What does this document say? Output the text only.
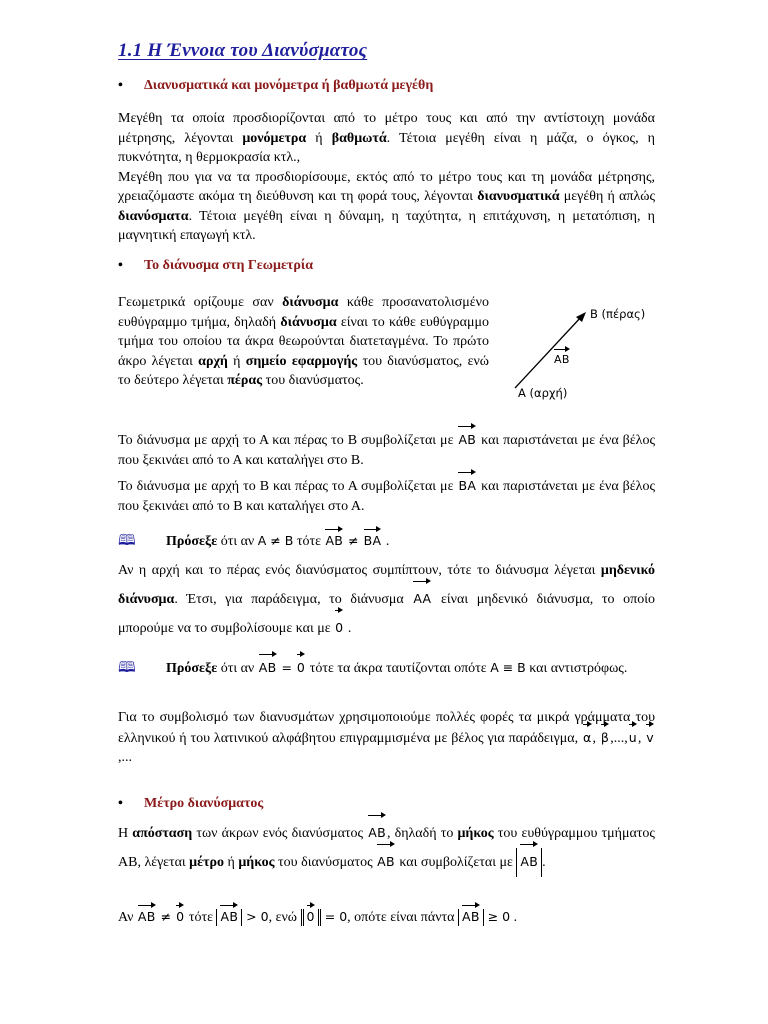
1.1 Η Έννοια του Διανύσματος
• Διανυσματικά και μονόμετρα ή βαθμωτά μεγέθη
Μεγέθη τα οποία προσδιορίζονται από το μέτρο τους και από την αντίστοιχη μονάδα μέτρησης, λέγονται μονόμετρα ή βαθμωτά. Τέτοια μεγέθη είναι η μάζα, ο όγκος, η πυκνότητα, η θερμοκρασία κτλ.,
Μεγέθη που για να τα προσδιορίσουμε, εκτός από το μέτρο τους και τη μονάδα μέτρησης, χρειαζόμαστε ακόμα τη διεύθυνση και τη φορά τους, λέγονται διανυσματικά μεγέθη ή απλώς διανύσματα. Τέτοια μεγέθη είναι η δύναμη, η ταχύτητα, η επιτάχυνση, η μετατόπιση, η μαγνητική επαγωγή κτλ.
• Το διάνυσμα στη Γεωμετρία
Γεωμετρικά ορίζουμε σαν διάνυσμα κάθε προσανατολισμένο ευθύγραμμο τμήμα, δηλαδή διάνυσμα είναι το κάθε ευθύγραμμο τμήμα του οποίου τα άκρα θεωρούνται διατεταγμένα. Το πρώτο άκρο λέγεται αρχή ή σημείο εφαρμογής του διανύσματος, ενώ το δεύτερο λέγεται πέρας του διανύσματος.
Β (πέρας)
Α (αρχή)
AB
Το διάνυσμα με αρχή το Α και πέρας το Β συμβολίζεται με AB και παριστάνεται με ένα βέλος που ξεκινάει από το Α και καταλήγει στο Β.
Το διάνυσμα με αρχή το Β και πέρας το Α συμβολίζεται με BA και παριστάνεται με ένα βέλος που ξεκινάει από το Β και καταλήγει στο Α.
🕮 Πρόσεξε ότι αν A ≠ B τότε AB ≠ BA .
Αν η αρχή και το πέρας ενός διανύσματος συμπίπτουν, τότε το διάνυσμα λέγεται μηδενικό διάνυσμα. Έτσι, για παράδειγμα, το διάνυσμα AA είναι μηδενικό διάνυσμα, το οποίο μπορούμε να το συμβολίσουμε και με 0 .
🕮 Πρόσεξε ότι αν AB = 0 τότε τα άκρα ταυτίζονται οπότε A ≡ B και αντιστρόφως.
Για το συμβολισμό των διανυσμάτων χρησιμοποιούμε πολλές φορές τα μικρά γράμματα του ελληνικού ή του λατινικού αλφάβητου επιγραμμισμένα με βέλος για παράδειγμα, α, β,...,u, v,...
• Μέτρο διανύσματος
Η απόσταση των άκρων ενός διανύσματος AB, δηλαδή το μήκος του ευθύγραμμου τμήματος ΑΒ, λέγεται μέτρο ή μήκος του διανύσματος AB και συμβολίζεται με AB .
Αν AB ≠ 0 τότε AB > 0, ενώ 0 = 0, οπότε είναι πάντα AB ≥ 0 .
